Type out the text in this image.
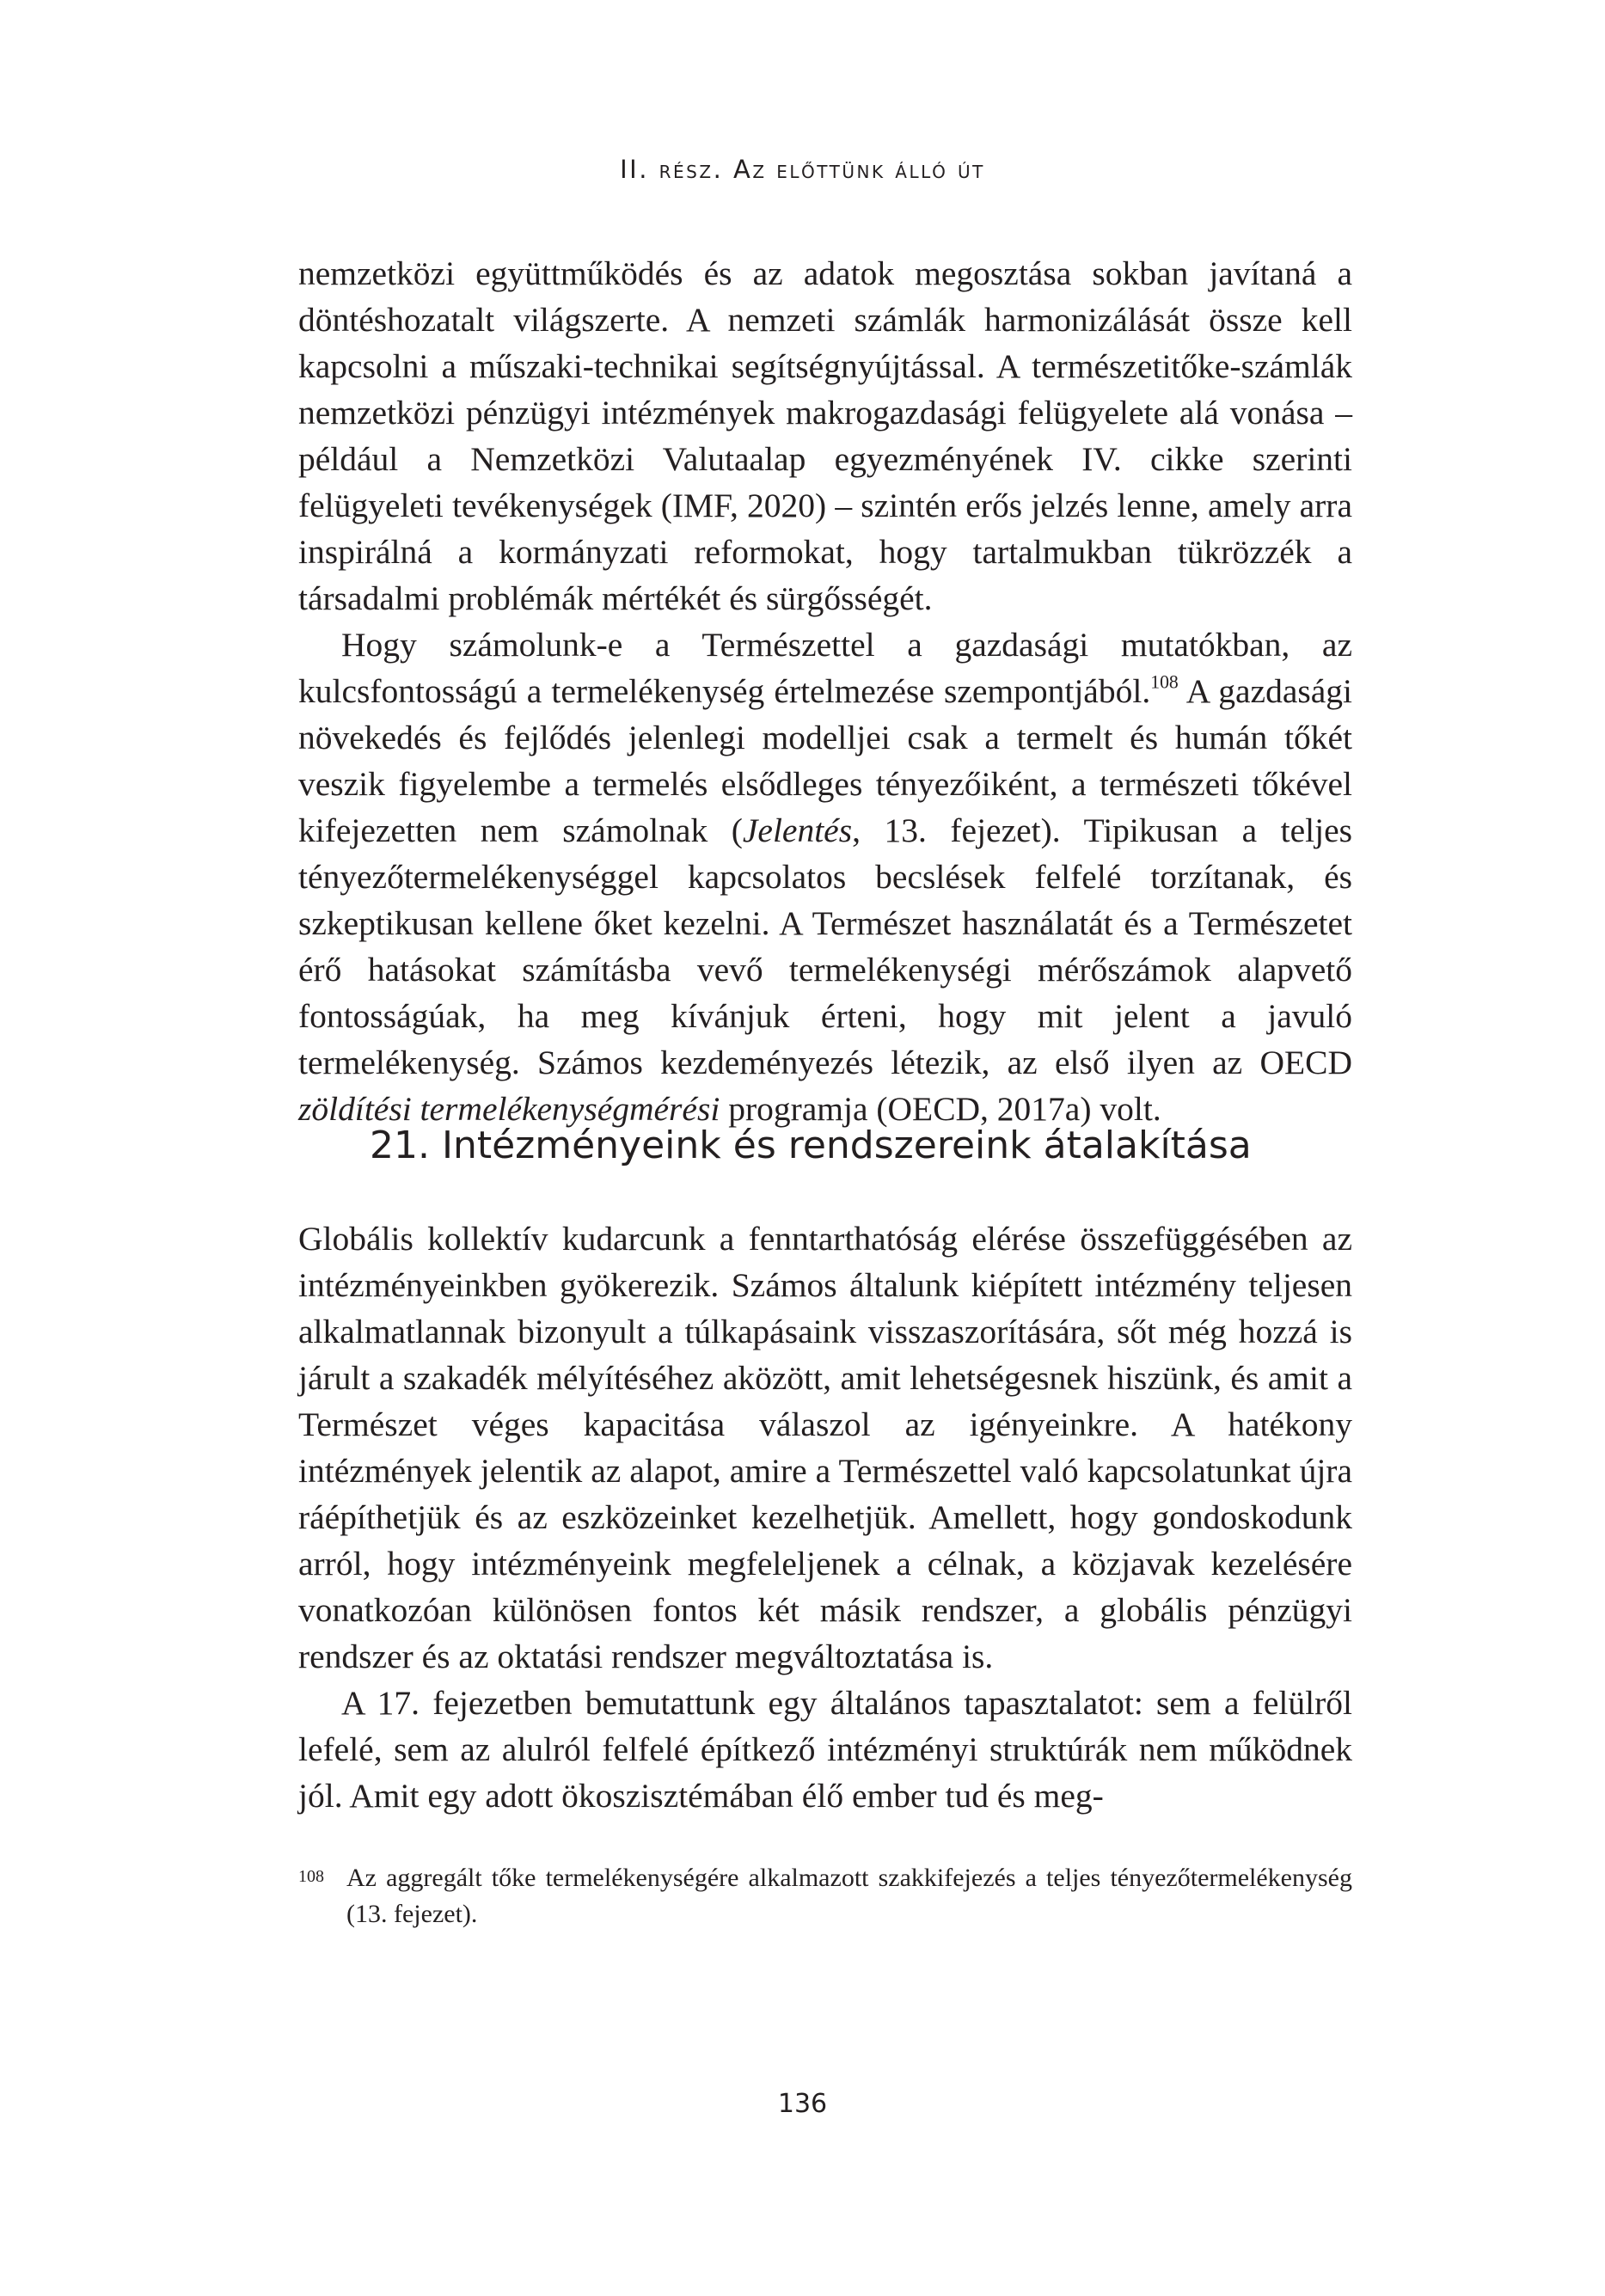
II. rész. Az előttünk álló út

nemzetközi együttműködés és az adatok megosztása sokban javítaná a döntéshozatalt világszerte. A nemzeti számlák harmonizálását össze kell kapcsolni a műszaki-technikai segítségnyújtással. A természetitőke-számlák nemzetközi pénzügyi intézmények makrogazdasági felügyelete alá vonása – például a Nemzetközi Valutaalap egyezményének IV. cikke szerinti felügyeleti tevékenységek (IMF, 2020) – szintén erős jelzés lenne, amely arra inspirálná a kormányzati reformokat, hogy tartalmukban tükrözzék a társadalmi problémák mértékét és sürgősségét.

Hogy számolunk-e a Természettel a gazdasági mutatókban, az kulcsfontosságú a termelékenység értelmezése szempontjából.$^{108}$ A gazdasági növekedés és fejlődés jelenlegi modelljei csak a termelt és humán tőkét veszik figyelembe a termelés elsődleges tényezőiként, a természeti tőkével kifejezetten nem számolnak (Jelentés, 13. fejezet). Tipikusan a teljes tényezőtermelékenységgel kapcsolatos becslések felfelé torzítanak, és szkeptikusan kellene őket kezelni. A Természet használatát és a Természetet érő hatásokat számításba vevő termelékenységi mérőszámok alapvető fontosságúak, ha meg kívánjuk érteni, hogy mit jelent a javuló termelékenység. Számos kezdeményezés létezik, az első ilyen az OECD zöldítési termelékenységmérési programja (OECD, 2017a) volt.

21. Intézményeink és rendszereink átalakítása

Globális kollektív kudarcunk a fenntarthatóság elérése összefüggésében az intézményeinkben gyökerezik. Számos általunk kiépített intézmény teljesen alkalmatlannak bizonyult a túlkapásaink visszaszorítására, sőt még hozzá is járult a szakadék mélyítéséhez aközött, amit lehetségesnek hiszünk, és amit a Természet véges kapacitása válaszol az igényeinkre. A hatékony intézmények jelentik az alapot, amire a Természettel való kapcsolatunkat újra ráépíthetjük és az eszközeinket kezelhetjük. Amellett, hogy gondoskodunk arról, hogy intézményeink megfeleljenek a célnak, a közjavak kezelésére vonatkozóan különösen fontos két másik rendszer, a globális pénzügyi rendszer és az oktatási rendszer megváltoztatása is.

A 17. fejezetben bemutattunk egy általános tapasztalatot: sem a felülről lefelé, sem az alulról felfelé építkező intézményi struktúrák nem működnek jól. Amit egy adott ökoszisztémában élő ember tud és meg-

108 Az aggregált tőke termelékenységére alkalmazott szakkifejezés a teljes tényezőtermelékenység (13. fejezet).
136
